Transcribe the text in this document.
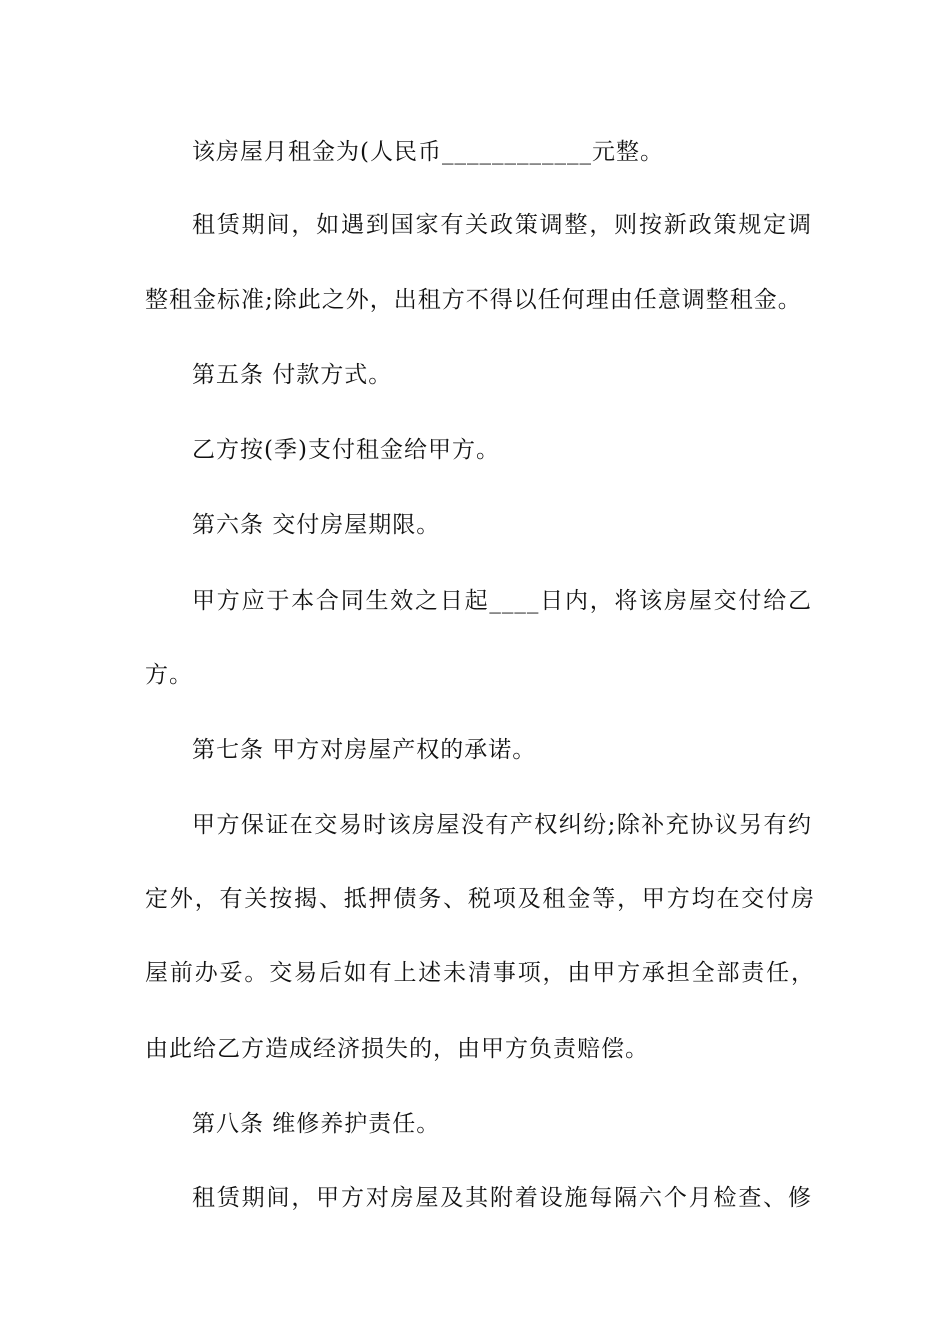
该房屋月租金为(人民币____________元整。
租赁期间，如遇到国家有关政策调整，则按新政策规定调
整租金标准;除此之外，出租方不得以任何理由任意调整租金。
第五条 付款方式。
乙方按(季)支付租金给甲方。
第六条 交付房屋期限。
甲方应于本合同生效之日起____日内，将该房屋交付给乙
方。
第七条 甲方对房屋产权的承诺。
甲方保证在交易时该房屋没有产权纠纷;除补充协议另有约
定外，有关按揭、抵押债务、税项及租金等，甲方均在交付房
屋前办妥。交易后如有上述未清事项，由甲方承担全部责任，
由此给乙方造成经济损失的，由甲方负责赔偿。
第八条 维修养护责任。
租赁期间，甲方对房屋及其附着设施每隔六个月检查、修
